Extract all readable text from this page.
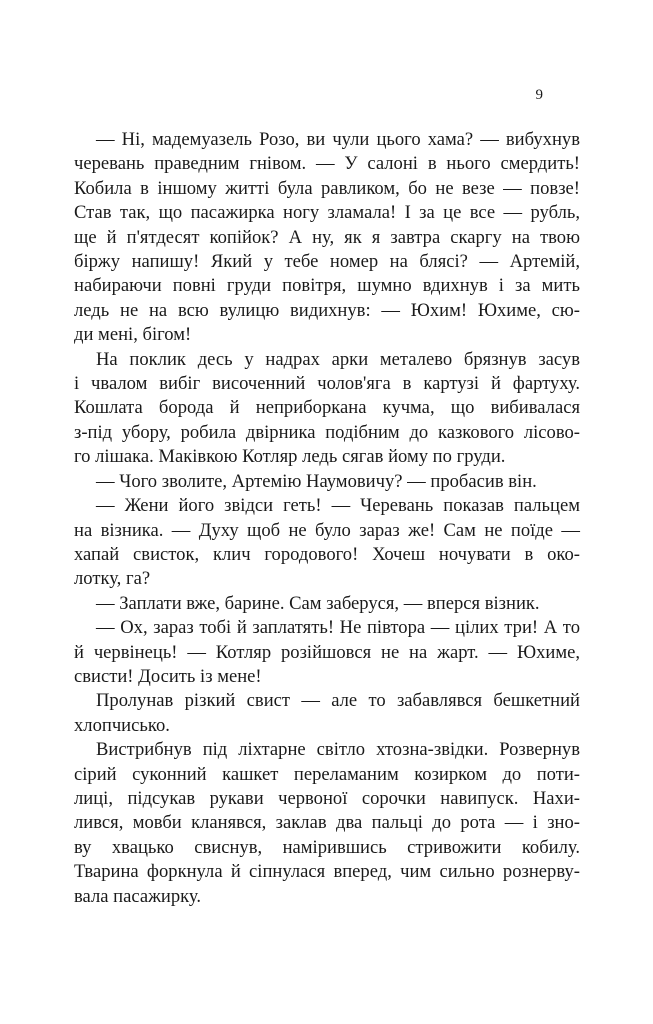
9
— Ні, мадемуазель Розо, ви чули цього хама? — вибухнув
черевань праведним гнівом. — У салоні в нього смердить!
Кобила в іншому житті була равликом, бо не везе — повзе!
Став так, що пасажирка ногу зламала! І за це все — рубль,
ще й п'ятдесят копійок? А ну, як я завтра скаргу на твою
біржу напишу! Який у тебе номер на блясі? — Артемій,
набираючи повні груди повітря, шумно вдихнув і за мить
ледь не на всю вулицю видихнув: — Юхим! Юхиме, сю-
ди мені, бігом!
На поклик десь у надрах арки металево брязнув засув
і чвалом вибіг височенний чолов'яга в картузі й фартуху.
Кошлата борода й неприборкана кучма, що вибивалася
з-під убору, робила двірника подібним до казкового лісово-
го лішака. Маківкою Котляр ледь сягав йому по груди.
— Чого зволите, Артемію Наумовичу? — пробасив він.
— Жени його звідси геть! — Черевань показав пальцем
на візника. — Духу щоб не було зараз же! Сам не поїде —
хапай свисток, клич городового! Хочеш ночувати в око-
лотку, га?
— Заплати вже, барине. Сам заберуся, — вперся візник.
— Ох, зараз тобі й заплатять! Не півтора — цілих три! А то
й червінець! — Котляр розійшовся не на жарт. — Юхиме,
свисти! Досить із мене!
Пролунав різкий свист — але то забавлявся бешкетний
хлопчисько.
Вистрибнув під ліхтарне світло хтозна-звідки. Розвернув
сірий суконний кашкет переламаним козирком до поти-
лиці, підсукав рукави червоної сорочки навипуск. Нахи-
лився, мовби кланявся, заклав два пальці до рота — і зно-
ву хвацько свиснув, намірившись стривожити кобилу.
Тварина форкнула й сіпнулася вперед, чим сильно рознерву-
вала пасажирку.
